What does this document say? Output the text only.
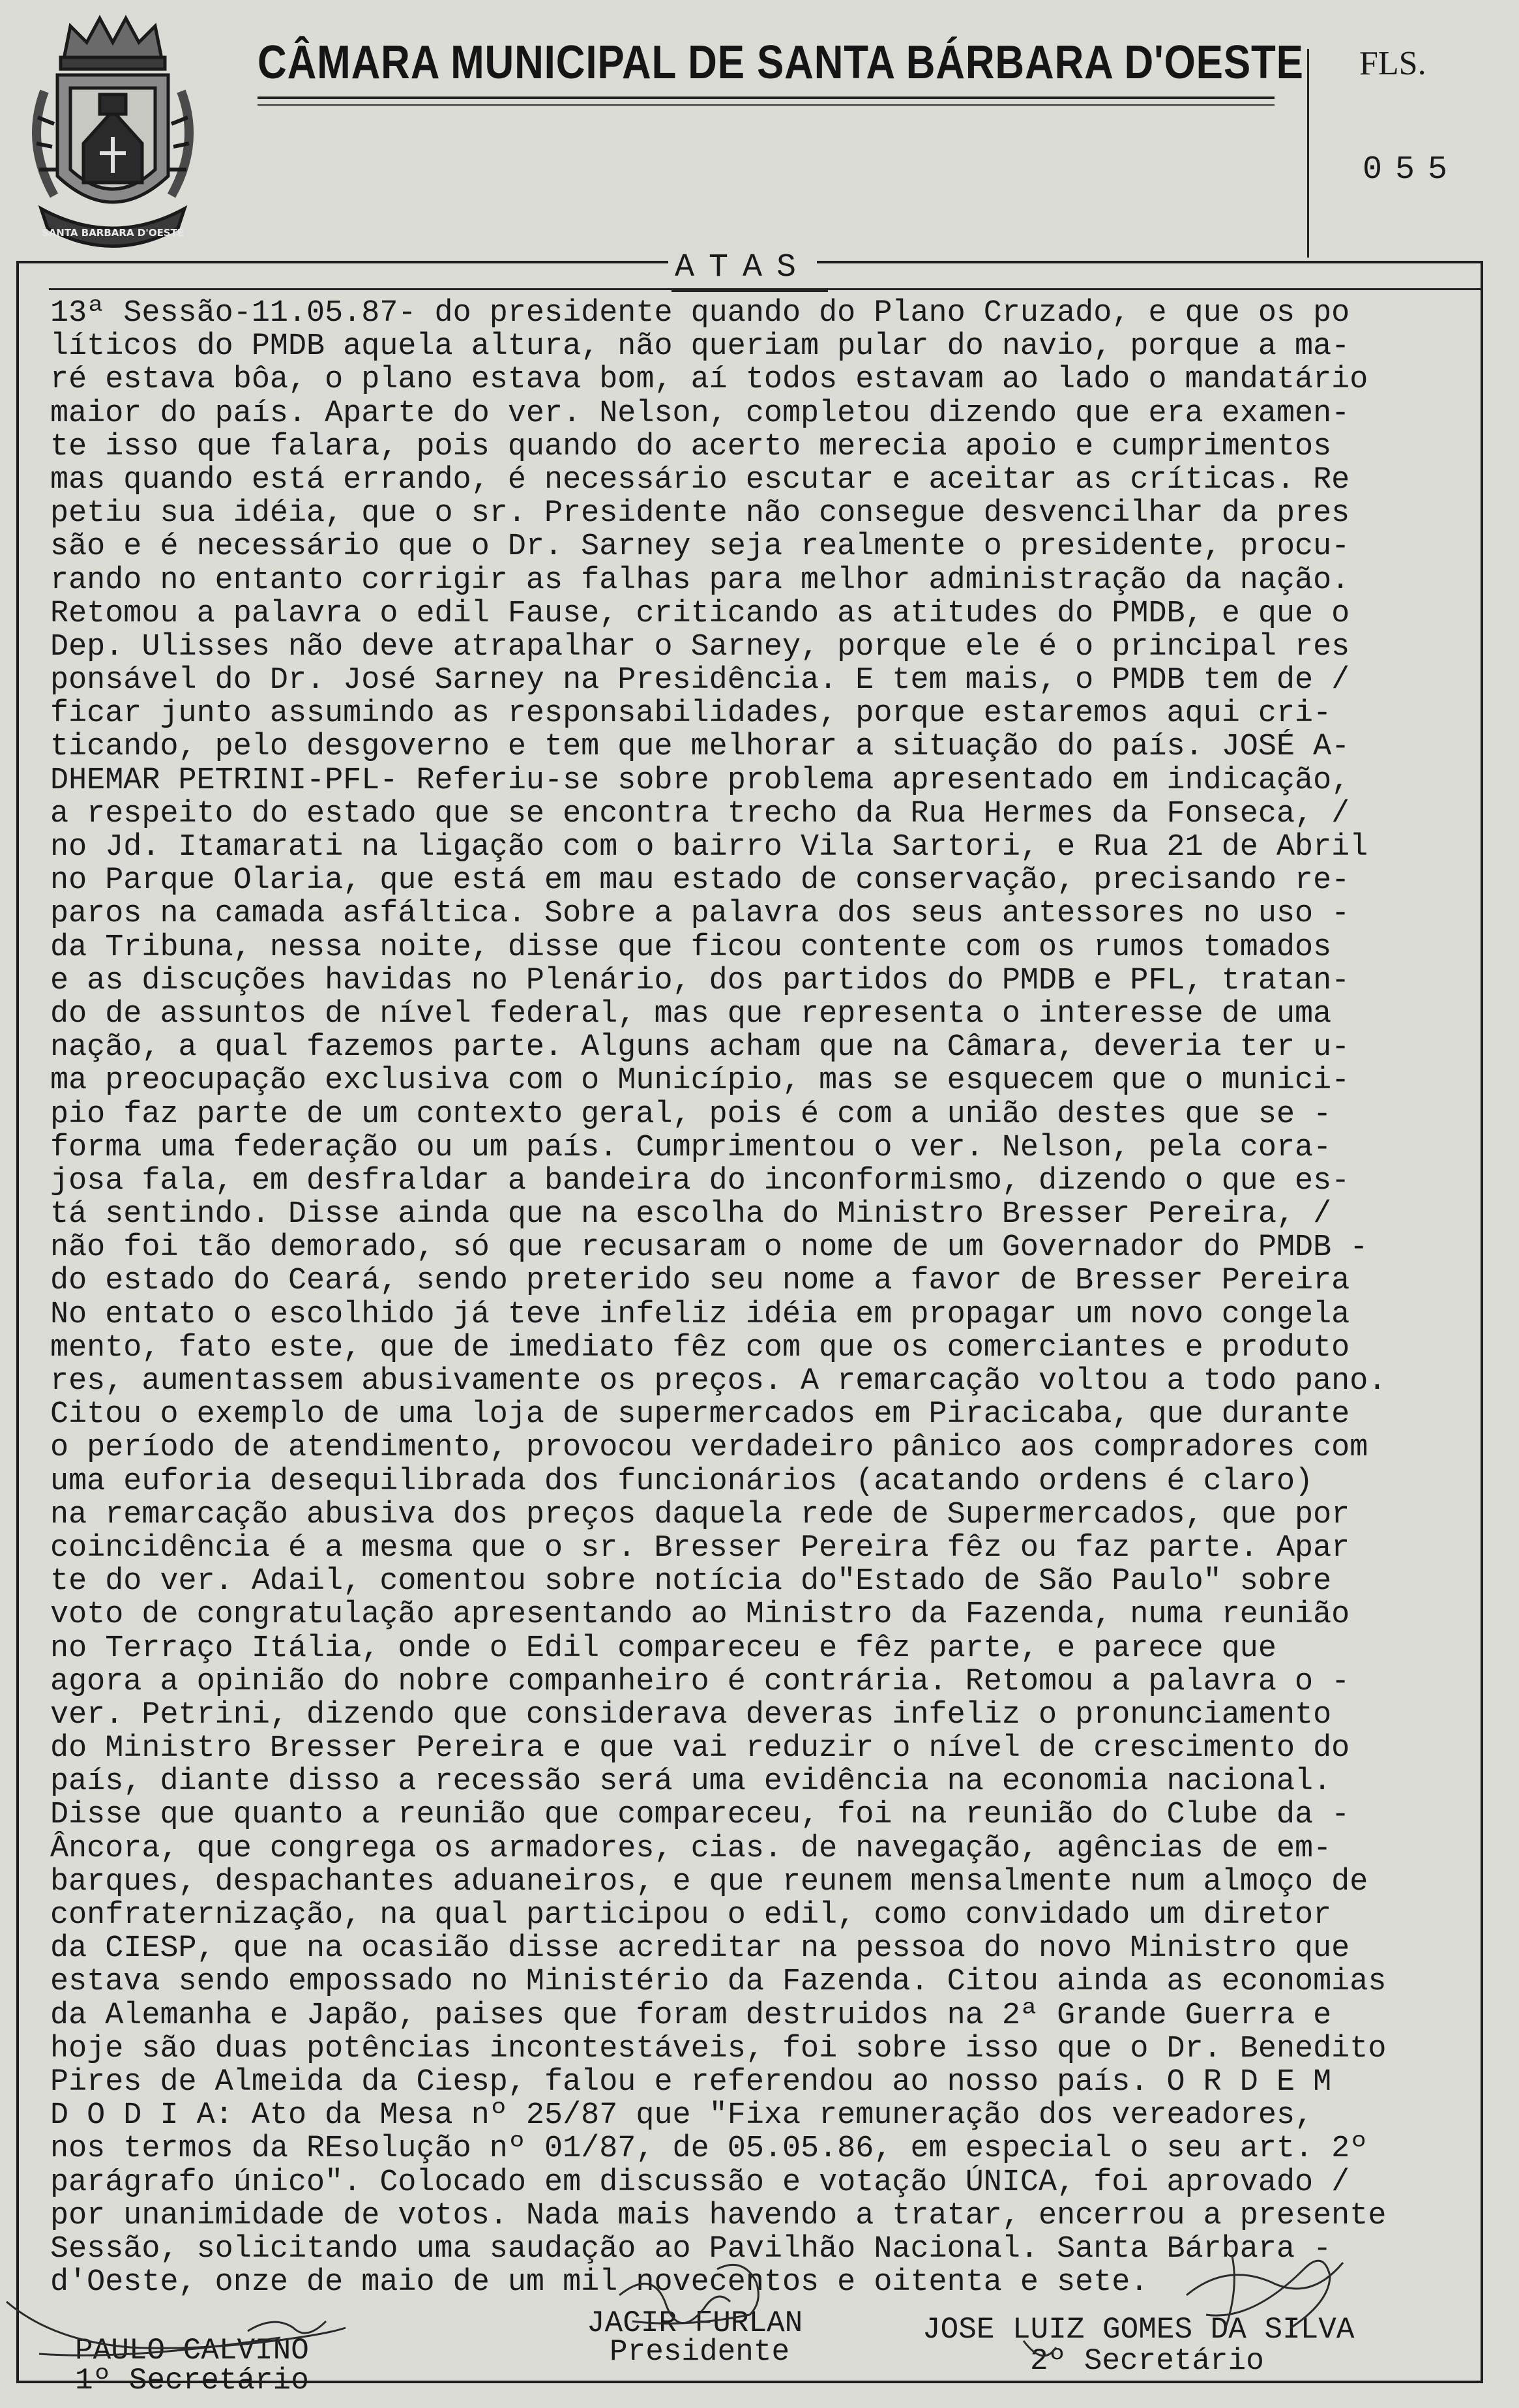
SANTA BARBARA D'OESTE
CÂMARA MUNICIPAL DE SANTA BÁRBARA D'OESTE FLS.
055
ATAS
13ª Sessão-11.05.87- do presidente quando do Plano Cruzado, e que os po
líticos do PMDB aquela altura, não queriam pular do navio, porque a ma-
ré estava bôa, o plano estava bom, aí todos estavam ao lado o mandatário
maior do país. Aparte do ver. Nelson, completou dizendo que era examen-
te isso que falara, pois quando do acerto merecia apoio e cumprimentos
mas quando está errando, é necessário escutar e aceitar as críticas. Re
petiu sua idéia, que o sr. Presidente não consegue desvencilhar da pres
são e é necessário que o Dr. Sarney seja realmente o presidente, procu-
rando no entanto corrigir as falhas para melhor administração da nação.
Retomou a palavra o edil Fause, criticando as atitudes do PMDB, e que o
Dep. Ulisses não deve atrapalhar o Sarney, porque ele é o principal res
ponsável do Dr. José Sarney na Presidência. E tem mais, o PMDB tem de /
ficar junto assumindo as responsabilidades, porque estaremos aqui cri-
ticando, pelo desgoverno e tem que melhorar a situação do país. JOSÉ A-
DHEMAR PETRINI-PFL- Referiu-se sobre problema apresentado em indicação,
a respeito do estado que se encontra trecho da Rua Hermes da Fonseca, /
no Jd. Itamarati na ligação com o bairro Vila Sartori, e Rua 21 de Abril
no Parque Olaria, que está em mau estado de conservação, precisando re-
paros na camada asfáltica. Sobre a palavra dos seus antessores no uso -
da Tribuna, nessa noite, disse que ficou contente com os rumos tomados
e as discuções havidas no Plenário, dos partidos do PMDB e PFL, tratan-
do de assuntos de nível federal, mas que representa o interesse de uma
nação, a qual fazemos parte. Alguns acham que na Câmara, deveria ter u-
ma preocupação exclusiva com o Município, mas se esquecem que o munici-
pio faz parte de um contexto geral, pois é com a união destes que se -
forma uma federação ou um país. Cumprimentou o ver. Nelson, pela cora-
josa fala, em desfraldar a bandeira do inconformismo, dizendo o que es-
tá sentindo. Disse ainda que na escolha do Ministro Bresser Pereira, /
não foi tão demorado, só que recusaram o nome de um Governador do PMDB -
do estado do Ceará, sendo preterido seu nome a favor de Bresser Pereira
No entato o escolhido já teve infeliz idéia em propagar um novo congela
mento, fato este, que de imediato fêz com que os comerciantes e produto
res, aumentassem abusivamente os preços. A remarcação voltou a todo pano.
Citou o exemplo de uma loja de supermercados em Piracicaba, que durante
o período de atendimento, provocou verdadeiro pânico aos compradores com
uma euforia desequilibrada dos funcionários (acatando ordens é claro)
na remarcação abusiva dos preços daquela rede de Supermercados, que por
coincidência é a mesma que o sr. Bresser Pereira fêz ou faz parte. Apar
te do ver. Adail, comentou sobre notícia do"Estado de São Paulo" sobre
voto de congratulação apresentando ao Ministro da Fazenda, numa reunião
no Terraço Itália, onde o Edil compareceu e fêz parte, e parece que
agora a opinião do nobre companheiro é contrária. Retomou a palavra o -
ver. Petrini, dizendo que considerava deveras infeliz o pronunciamento
do Ministro Bresser Pereira e que vai reduzir o nível de crescimento do
país, diante disso a recessão será uma evidência na economia nacional.
Disse que quanto a reunião que compareceu, foi na reunião do Clube da -
Âncora, que congrega os armadores, cias. de navegação, agências de em-
barques, despachantes aduaneiros, e que reunem mensalmente num almoço de
confraternização, na qual participou o edil, como convidado um diretor
da CIESP, que na ocasião disse acreditar na pessoa do novo Ministro que
estava sendo empossado no Ministério da Fazenda. Citou ainda as economias
da Alemanha e Japão, paises que foram destruidos na 2ª Grande Guerra e
hoje são duas potências incontestáveis, foi sobre isso que o Dr. Benedito
Pires de Almeida da Ciesp, falou e referendou ao nosso país. O R D E M
D O D I A: Ato da Mesa nº 25/87 que "Fixa remuneração dos vereadores,
nos termos da REsolução nº 01/87, de 05.05.86, em especial o seu art. 2º
parágrafo único". Colocado em discussão e votação ÚNICA, foi aprovado /
por unanimidade de votos. Nada mais havendo a tratar, encerrou a presente
Sessão, solicitando uma saudação ao Pavilhão Nacional. Santa Bárbara -
d'Oeste, onze de maio de um mil novecentos e oitenta e sete.
JACIR FURLAN
Presidente
JOSE LUIZ GOMES DA SILVA
2º Secretário
PAULO CALVINO
1º Secretário
